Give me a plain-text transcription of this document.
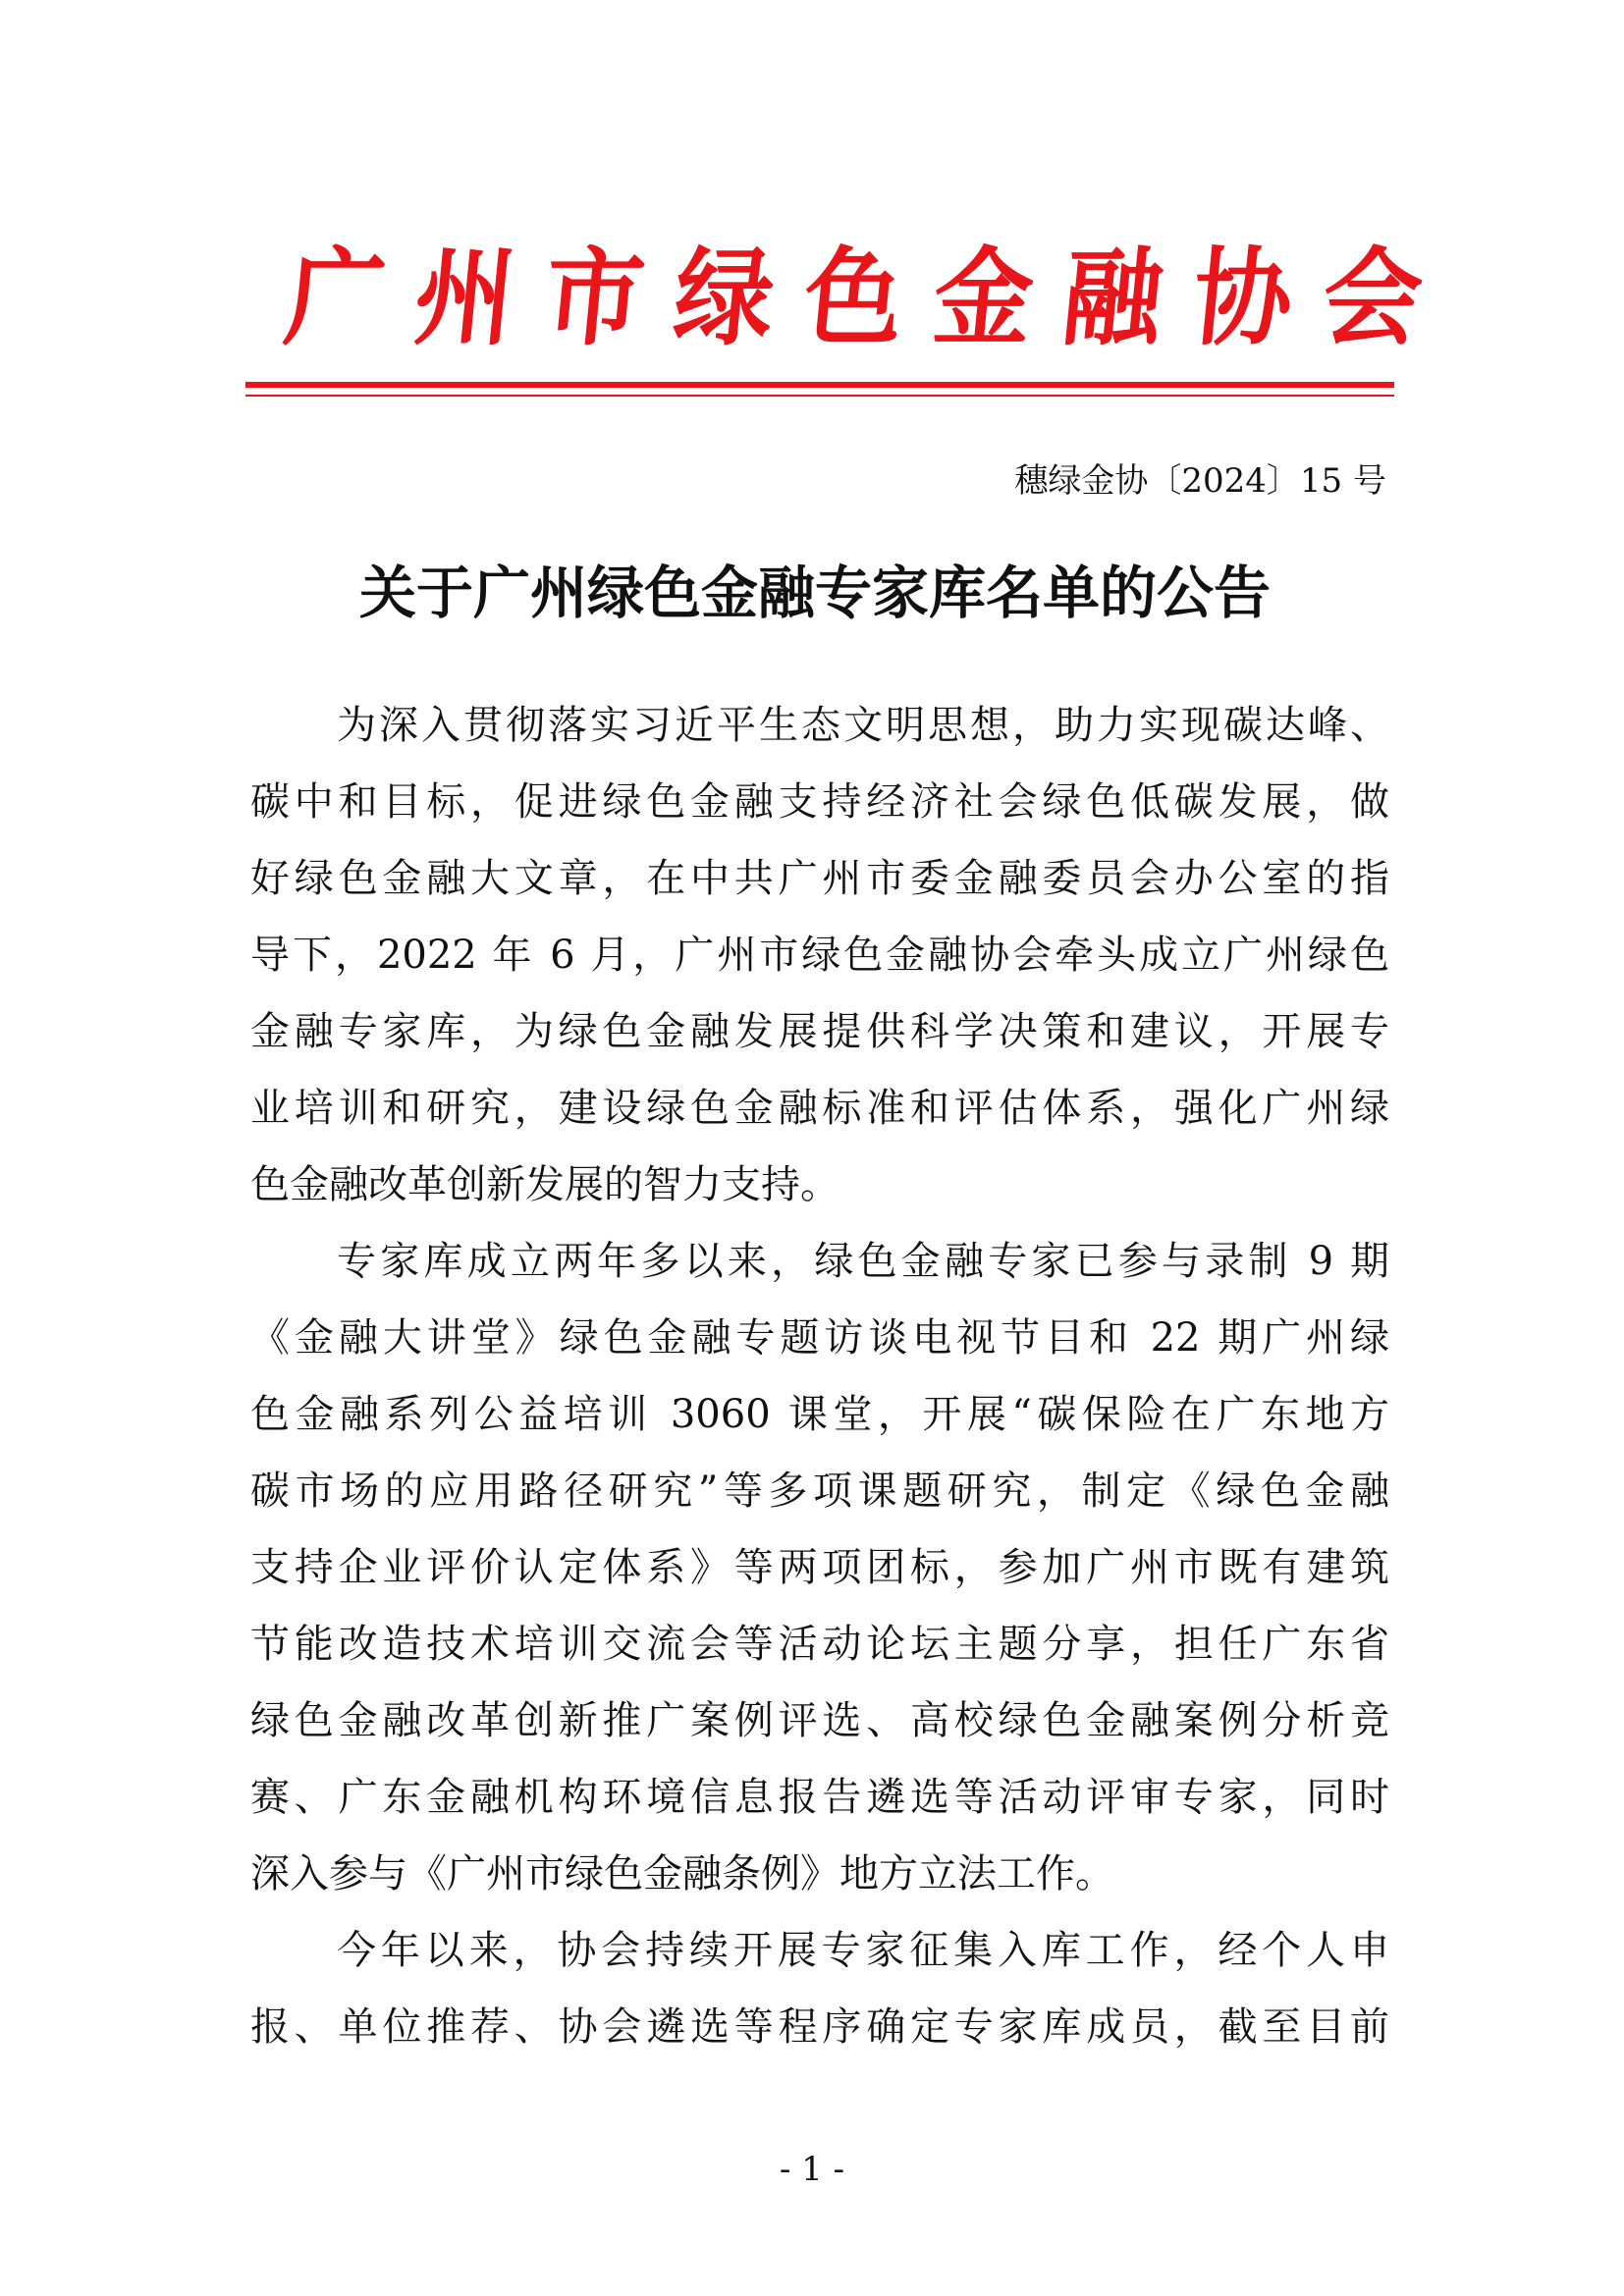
广州市绿色金融协会
穗绿金协〔2024〕15 号
关于广州绿色金融专家库名单的公告
为深入贯彻落实习近平生态文明思想，助力实现碳达峰、
碳中和目标，促进绿色金融支持经济社会绿色低碳发展，做
好绿色金融大文章，在中共广州市委金融委员会办公室的指
导下，2022 年 6 月，广州市绿色金融协会牵头成立广州绿色
金融专家库，为绿色金融发展提供科学决策和建议，开展专
业培训和研究，建设绿色金融标准和评估体系，强化广州绿
色金融改革创新发展的智力支持。
专家库成立两年多以来，绿色金融专家已参与录制 9 期
《金融大讲堂》绿色金融专题访谈电视节目和 22 期广州绿
色金融系列公益培训 3060 课堂，开展“碳保险在广东地方
碳市场的应用路径研究”等多项课题研究，制定《绿色金融
支持企业评价认定体系》等两项团标，参加广州市既有建筑
节能改造技术培训交流会等活动论坛主题分享，担任广东省
绿色金融改革创新推广案例评选、高校绿色金融案例分析竞
赛、广东金融机构环境信息报告遴选等活动评审专家，同时
深入参与《广州市绿色金融条例》地方立法工作。
今年以来，协会持续开展专家征集入库工作，经个人申
报、单位推荐、协会遴选等程序确定专家库成员，截至目前
- 1 -
